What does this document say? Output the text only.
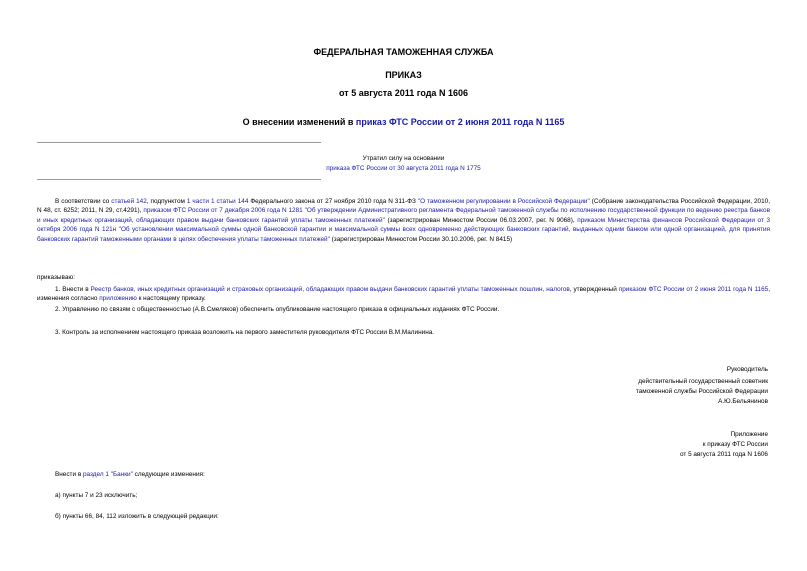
ФЕДЕРАЛЬНАЯ ТАМОЖЕННАЯ СЛУЖБА
ПРИКАЗ
от 5 августа 2011 года N 1606
О внесении изменений в приказ ФТС России от 2 июня 2011 года N 1165
Утратил силу на основании
приказа ФТС России от 30 августа 2011 года N 1775
В соответствии со статьей 142, подпунктом 1 части 1 статьи 144 Федерального закона от 27 ноября 2010 года N 311-ФЗ "О таможенном регулировании в Российской Федерации" (Собрание законодательства Российской Федерации, 2010, N 48, ст. 6252; 2011, N 29, ст.4291), приказом ФТС России от 7 декабря 2006 года N 1281 "Об утверждении Административного регламента Федеральной таможенной службы по исполнению государственной функции по ведению реестра банков и иных кредитных организаций, обладающих правом выдачи банковских гарантий уплаты таможенных платежей" (зарегистрирован Минюстом России 06.03.2007, рег. N 9068), приказом Министерства финансов Российской Федерации от 3 октября 2006 года N 121н "Об установлении максимальной суммы одной банковской гарантии и максимальной суммы всех одновременно действующих банковских гарантий, выданных одним банком или одной организацией, для принятия банковских гарантий таможенными органами в целях обеспечения уплаты таможенных платежей" (зарегистрирован Минюстом России 30.10.2006, рег. N 8415)
приказываю:
1. Внести в Реестр банков, иных кредитных организаций и страховых организаций, обладающих правом выдачи банковских гарантий уплаты таможенных пошлин, налогов, утвержденный приказом ФТС России от 2 июня 2011 года N 1165, изменения согласно приложению к настоящему приказу.
2. Управлению по связям с общественностью (А.В.Смеляков) обеспечить опубликование настоящего приказа в официальных изданиях ФТС России.
3. Контроль за исполнением настоящего приказа возложить на первого заместителя руководителя ФТС России В.М.Малинина.
Руководитель
действительный государственный советник
таможенной службы Российской Федерации
А.Ю.Бельянинов
Приложение
к приказу ФТС России
от 5 августа 2011 года N 1606
Внести в раздел 1 "Банки" следующие изменения:
а) пункты 7 и 23 исключить;
б) пункты 66, 84, 112 изложить в следующей редакции:
